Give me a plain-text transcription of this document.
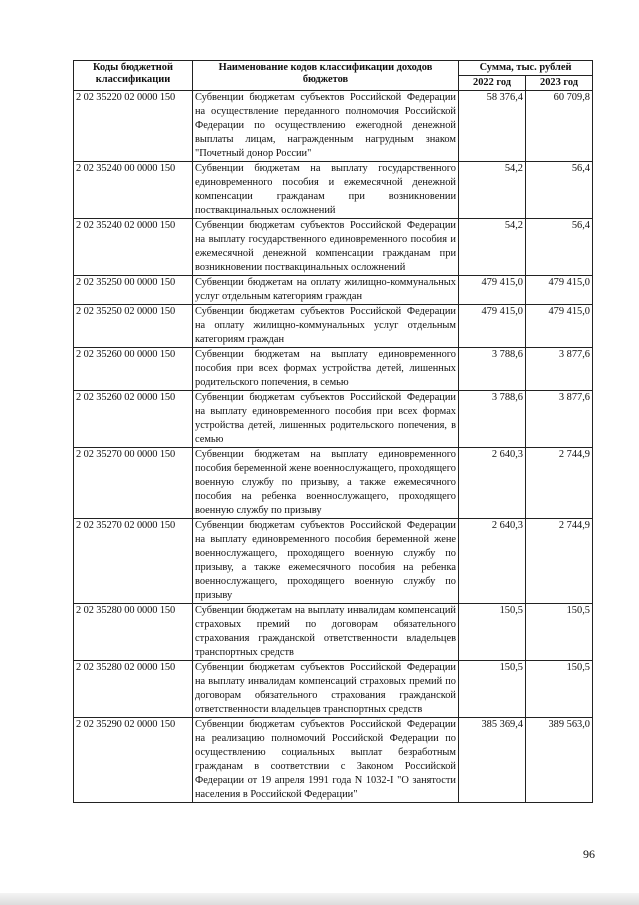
Коды бюджетной классификации	Наименование кодов классификации доходов бюджетов	Сумма, тыс. рублей	
		2022 год	2023 год
2 02 35220 02 0000 150	Субвенции бюджетам субъектов Российской Федерации на осуществление переданного полномочия Российской Федерации по осуществлению ежегодной денежной выплаты лицам, награжденным нагрудным знаком "Почетный донор России"	58 376,4	60 709,8
2 02 35240 00 0000 150	Субвенции бюджетам на выплату государственного единовременного пособия и ежемесячной денежной компенсации гражданам при возникновении поствакцинальных осложнений	54,2	56,4
2 02 35240 02 0000 150	Субвенции бюджетам субъектов Российской Федерации на выплату государственного единовременного пособия и ежемесячной денежной компенсации гражданам при возникновении поствакцинальных осложнений	54,2	56,4
2 02 35250 00 0000 150	Субвенции бюджетам на оплату жилищно-коммунальных услуг отдельным категориям граждан	479 415,0	479 415,0
2 02 35250 02 0000 150	Субвенции бюджетам субъектов Российской Федерации на оплату жилищно-коммунальных услуг отдельным категориям граждан	479 415,0	479 415,0
2 02 35260 00 0000 150	Субвенции бюджетам на выплату единовременного пособия при всех формах устройства детей, лишенных родительского попечения, в семью	3 788,6	3 877,6
2 02 35260 02 0000 150	Субвенции бюджетам субъектов Российской Федерации на выплату единовременного пособия при всех формах устройства детей, лишенных родительского попечения, в семью	3 788,6	3 877,6
2 02 35270 00 0000 150	Субвенции бюджетам на выплату единовременного пособия беременной жене военнослужащего, проходящего военную службу по призыву, а также ежемесячного пособия на ребенка военнослужащего, проходящего военную службу по призыву	2 640,3	2 744,9
2 02 35270 02 0000 150	Субвенции бюджетам субъектов Российской Федерации на выплату единовременного пособия беременной жене военнослужащего, проходящего военную службу по призыву, а также ежемесячного пособия на ребенка военнослужащего, проходящего военную службу по призыву	2 640,3	2 744,9
2 02 35280 00 0000 150	Субвенции бюджетам на выплату инвалидам компенсаций страховых премий по договорам обязательного страхования гражданской ответственности владельцев транспортных средств	150,5	150,5
2 02 35280 02 0000 150	Субвенции бюджетам субъектов Российской Федерации на выплату инвалидам компенсаций страховых премий по договорам обязательного страхования гражданской ответственности владельцев транспортных средств	150,5	150,5
2 02 35290 02 0000 150	Субвенции бюджетам субъектов Российской Федерации на реализацию полномочий Российской Федерации по осуществлению социальных выплат безработным гражданам в соответствии с Законом Российской Федерации от 19 апреля 1991 года N 1032-I "О занятости населения в Российской Федерации"	385 369,4	389 563,0
96
